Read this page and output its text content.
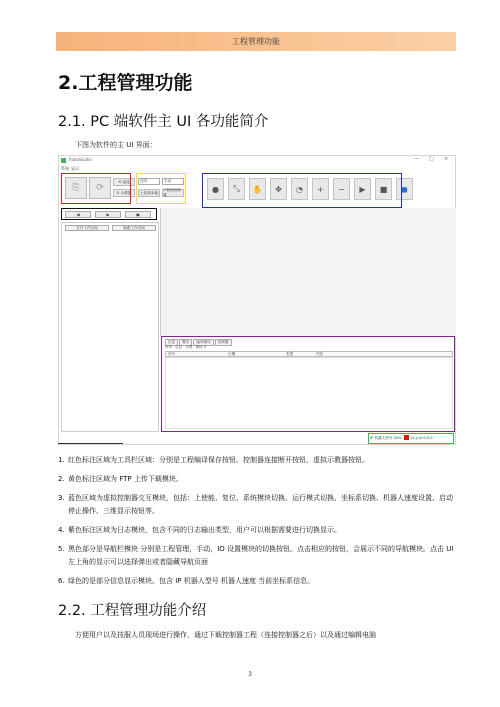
工程管理功能
2.工程管理功能
2.1. PC 端软件主 UI 各功能简介
下图为软件的主 UI 界面：
RoboStudio	— □ ×
系统 显示
⎘	⟳
⟲ 连接
⊙ 示教器
回零	手动
上传到本地
下载到控制器
●	⤡	✋	✥	◔	+	−	▶	■	◼
◀	▶	●
打开工作空间	新建工作空间
信息	警告	编译错误	控制器
所有 信息 告警 错误 0
序号	日期	类型	内容
IP 机器人型号 20%	(x,y,z) 0,0,0
1. 红色标注区域为工具栏区域：分别是工程编译保存按钮、控制器连接断开按钮、虚拟示教器按钮。
2. 黄色标注区域为 FTP 上传下载模块。
3. 蓝色区域为虚拟控制器交互模块，包括：上使能、复位、系统模块切换、运行模式切换、坐标系切换、机器人速度设置、启动停止操作、三维显示按钮等。
4. 紫色标注区域为日志模块，包含不同的日志输出类型，用户可以根据需要进行切换显示。
5. 黑色部分是导航栏模块 分别是工程管理，手动，IO 设置模块的切换按钮。点击相应的按钮，会展示不同的导航模块。点击 UI 左上角的显示可以选择弹出或者隐藏导航页面
6. 绿色的是部分信息显示模块。包含 IP 机器人型号 机器人速度 当前坐标系信息。
2.2. 工程管理功能介绍
方便用户以及技服人员现场进行操作，通过下载控制器工程（连接控制器之后）以及通过编辑电脑
3
